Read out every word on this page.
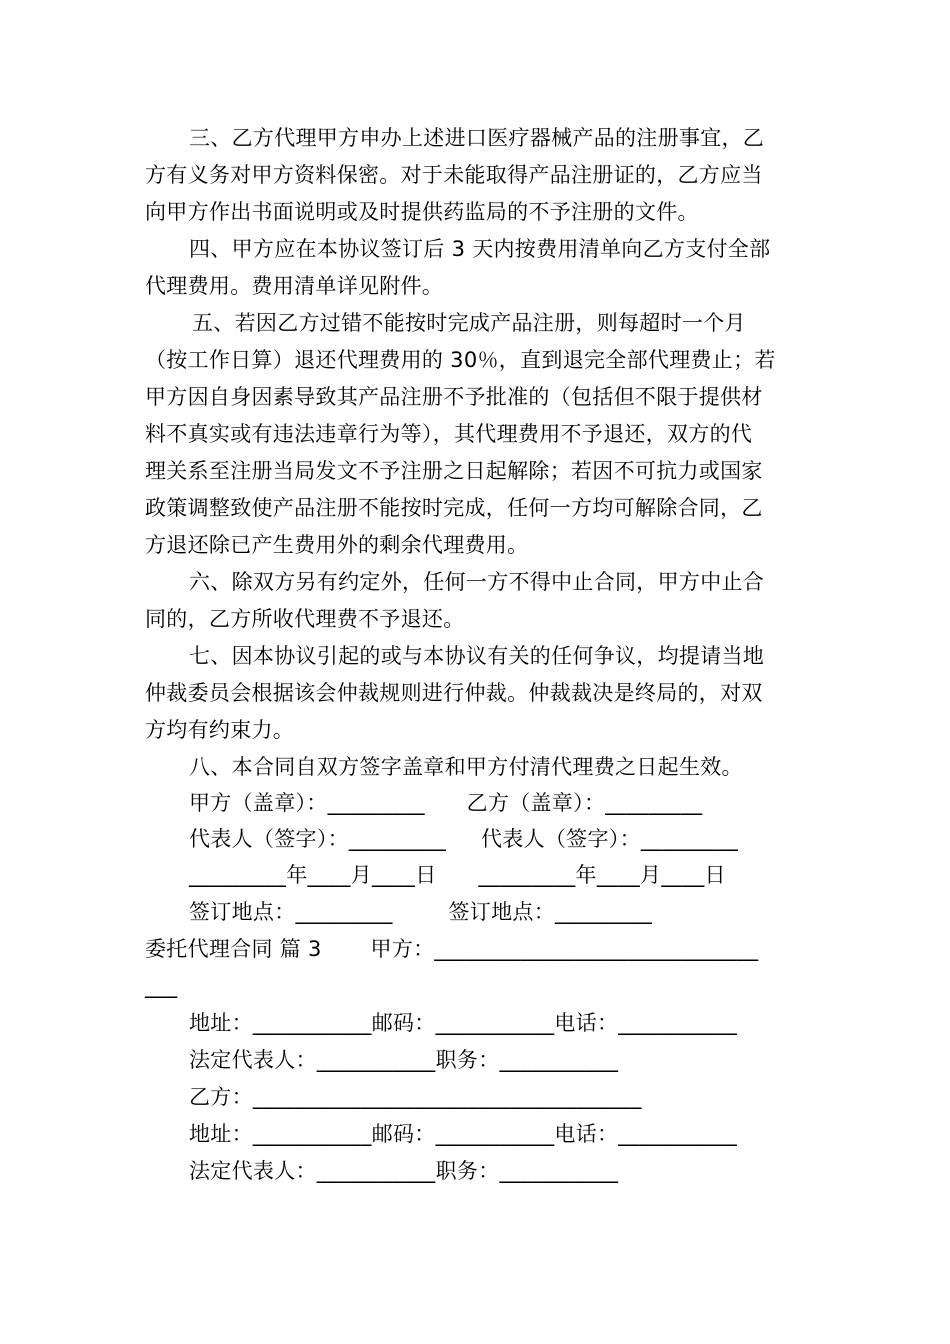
三、乙方代理甲方申办上述进口医疗器械产品的注册事宜，乙
方有义务对甲方资料保密。对于未能取得产品注册证的，乙方应当
向甲方作出书面说明或及时提供药监局的不予注册的文件。
四、甲方应在本协议签订后 3 天内按费用清单向乙方支付全部
代理费用。费用清单详见附件。
五、若因乙方过错不能按时完成产品注册，则每超时一个月
（按工作日算）退还代理费用的 30％，直到退完全部代理费止；若
甲方因自身因素导致其产品注册不予批准的（包括但不限于提供材
料不真实或有违法违章行为等），其代理费用不予退还，双方的代
理关系至注册当局发文不予注册之日起解除；若因不可抗力或国家
政策调整致使产品注册不能按时完成，任何一方均可解除合同，乙
方退还除已产生费用外的剩余代理费用。
六、除双方另有约定外，任何一方不得中止合同，甲方中止合
同的，乙方所收代理费不予退还。
七、因本协议引起的或与本协议有关的任何争议，均提请当地
仲裁委员会根据该会仲裁规则进行仲裁。仲裁裁决是终局的，对双
方均有约束力。
八、本合同自双方签字盖章和甲方付清代理费之日起生效。
甲方（盖章）：_________      乙方（盖章）：_________
代表人（签字）：_________     代表人（签字）：_________
_________年____月____日      _________年____月____日
签订地点：_________        签订地点：_________
委托代理合同 篇 3       甲方：______________________________
___
地址：___________邮码：___________电话：___________
法定代表人：___________职务：___________
乙方：____________________________________
地址：___________邮码：___________电话：___________
法定代表人：___________职务：___________
